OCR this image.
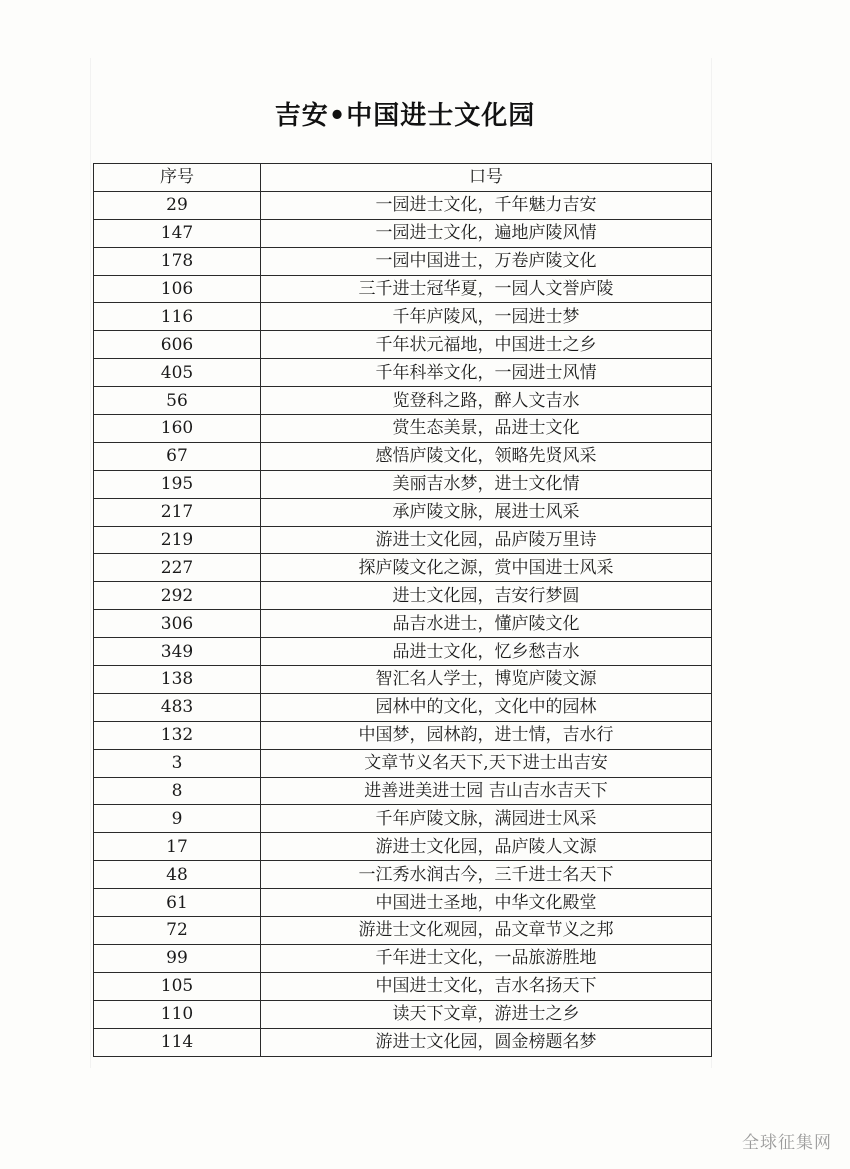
吉安•中国进士文化园
序号	口号
29	一园进士文化，千年魅力吉安
147	一园进士文化，遍地庐陵风情
178	一园中国进士，万卷庐陵文化
106	三千进士冠华夏，一园人文誉庐陵
116	千年庐陵风，一园进士梦
606	千年状元福地，中国进士之乡
405	千年科举文化，一园进士风情
56	览登科之路，醉人文吉水
160	赏生态美景，品进士文化
67	感悟庐陵文化，领略先贤风采
195	美丽吉水梦，进士文化情
217	承庐陵文脉，展进士风采
219	游进士文化园，品庐陵万里诗
227	探庐陵文化之源，赏中国进士风采
292	进士文化园，吉安行梦圆
306	品吉水进士，懂庐陵文化
349	品进士文化，忆乡愁吉水
138	智汇名人学士，博览庐陵文源
483	园林中的文化，文化中的园林
132	中国梦，园林韵，进士情，吉水行
3	文章节义名天下,天下进士出吉安
8	进善进美进士园 吉山吉水吉天下
9	千年庐陵文脉，满园进士风采
17	游进士文化园，品庐陵人文源
48	一江秀水润古今，三千进士名天下
61	中国进士圣地，中华文化殿堂
72	游进士文化观园，品文章节义之邦
99	千年进士文化，一品旅游胜地
105	中国进士文化，吉水名扬天下
110	读天下文章，游进士之乡
114	游进士文化园，圆金榜题名梦
全球征集网
